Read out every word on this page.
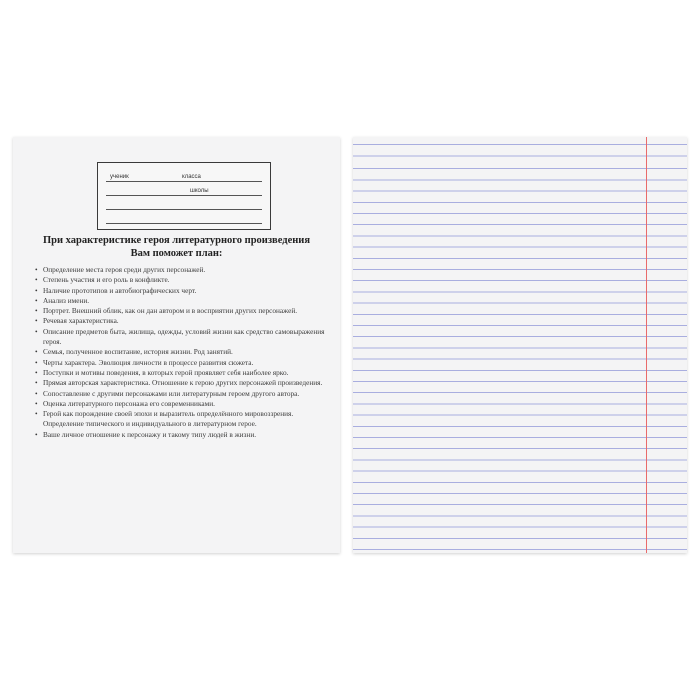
ученик	класса
школы
При характеристике героя литературного произведения
Вам поможет план:
• Определение места героя среди других персонажей.
• Степень участия и его роль в конфликте.
• Наличие прототипов и автобиографических черт.
• Анализ имени.
• Портрет. Внешний облик, как он дан автором и в восприятии других персонажей.
• Речевая характеристика.
• Описание предметов быта, жилища, одежды, условий жизни как средство самовыражения героя.
• Семья, полученное воспитание, история жизни. Род занятий.
• Черты характера. Эволюция личности в процессе развития сюжета.
• Поступки и мотивы поведения, в которых герой проявляет себя наиболее ярко.
• Прямая авторская характеристика. Отношение к герою других персонажей произведения.
• Сопоставление с другими персонажами или литературным героем другого автора.
• Оценка литературного персонажа его современниками.
• Герой как порождение своей эпохи и выразитель определённого мировоззрения. Определение типического и индивидуального в литературном герое.
• Ваше личное отношение к персонажу и такому типу людей в жизни.
